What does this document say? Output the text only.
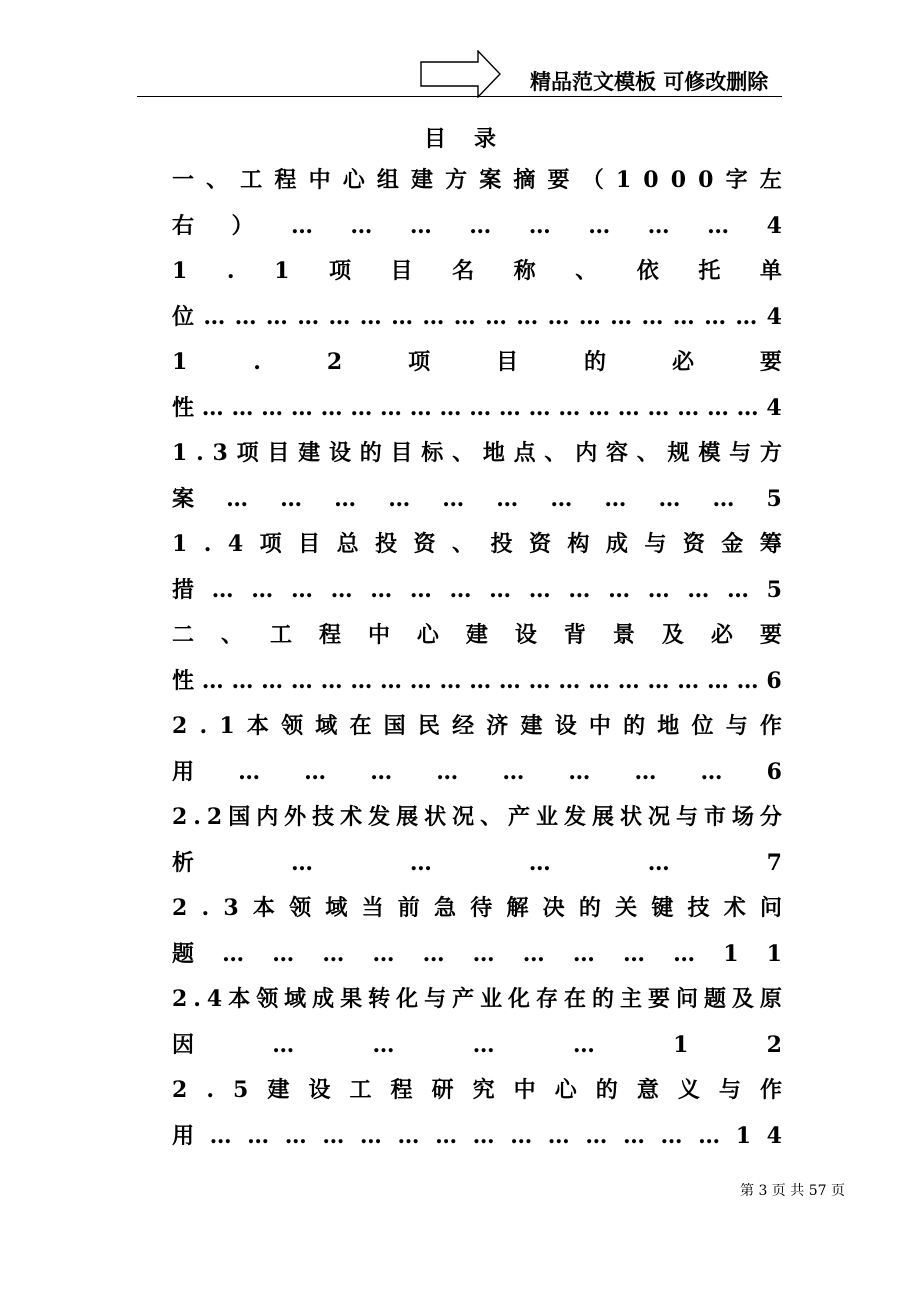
精品范文模板 可修改删除
目录
一 、 工 程 中 心 组 建 方 案 摘 要 （ 1 0 0 0 字 左
右 ） … … … … … … … … 4
1 . 1 项 目 名 称 、 依 托 单
位 … … … … … … … … … … … … … … … … … … 4
1	.	2	项	目	的	必	要
性 … … … … … … … … … … … … … … … … … … … 4
1 . 3 项 目 建 设 的 目 标 、 地 点 、 内 容 、 规 模 与 方
案 … … … … … … … … … … 5
1 . 4 项 目 总 投 资 、 投 资 构 成 与 资 金 筹
措 … … … … … … … … … … … … … … 5
二 、 工 程 中 心 建 设 背 景 及 必 要
性 … … … … … … … … … … … … … … … … … … … 6
2 . 1 本 领 域 在 国 民 经 济 建 设 中 的 地 位 与 作
用 … … … … … … … … 6
2 . 2 国 内 外 技 术 发 展 状 况 、 产 业 发 展 状 况 与 市 场 分
析	…	…	…	…	7
2 . 3 本 领 域 当 前 急 待 解 决 的 关 键 技 术 问
题 … … … … … … … … … … 1 1
2 . 4 本 领 域 成 果 转 化 与 产 业 化 存 在 的 主 要 问 题 及 原
因	…	…	…	…	1	2
2 . 5 建 设 工 程 研 究 中 心 的 意 义 与 作
用 … … … … … … … … … … … … … … 1 4
第 3 页 共 57 页
